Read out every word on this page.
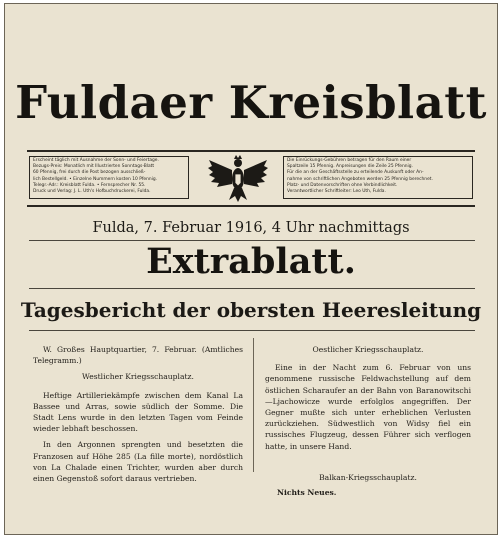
Fuldaer Kreisblatt
Erscheint täglich mit Ausnahme der Sonn- und Feiertage.
Bezugs-Preis: Monatlich mit Illustrierten Sonntags-Blatt
60 Pfennig, frei durch die Post bezogen ausschließ-
lich Bestellgeld. • Einzelne Nummern kosten 10 Pfennig.
Telegr.-Adr.: Kreisblatt Fulda. • Fernsprecher Nr. 55.
Druck und Verlag: J. L. Uth's Hofbuchdruckerei, Fulda.
Die Einrückungs-Gebühren betragen für den Raum einer
Spaltzeile 15 Pfennig. Anpreisungen die Zeile 25 Pfennig.
Für die an der Geschäftsstelle zu erteilende Auskunft oder An-
nahme von schriftlichen Angeboten werden 25 Pfennig berechnet.
Platz- und Datenvorschriften ohne Verbindlichkeit.
Verantwortlicher Schriftleiter: Leo Uth, Fulda.
Fulda, 7. Februar 1916, 4 Uhr nachmittags
Extrablatt.
Tagesbericht der obersten Heeresleitung

W. Großes Hauptquartier, 7. Februar. (Amtliches Telegramm.)

Westlicher Kriegsschauplatz.

Heftige Artilleriekämpfe zwischen dem Kanal La Bassee und Arras, sowie südlich der Somme. Die Stadt Lens wurde in den letzten Tagen vom Feinde wieder lebhaft beschossen.

In den Argonnen sprengten und besetzten die Franzosen auf Höhe 285 (La fille morte), nordöstlich von La Chalade einen Trichter, wurden aber durch einen Gegenstoß sofort daraus vertrieben.

Oestlicher Kriegsschauplatz.

Eine in der Nacht zum 6. Februar von uns genommene russische Feldwachstellung auf dem östlichen Scharaufer an der Bahn von Baranowitschi—Ljachowicze wurde erfolglos angegriffen. Der Gegner mußte sich unter erheblichen Verlusten zurückziehen. Südwestlich von Widsy fiel ein russisches Flugzeug, dessen Führer sich verflogen hatte, in unsere Hand.

Balkan-Kriegsschauplatz.
Nichts Neues.
